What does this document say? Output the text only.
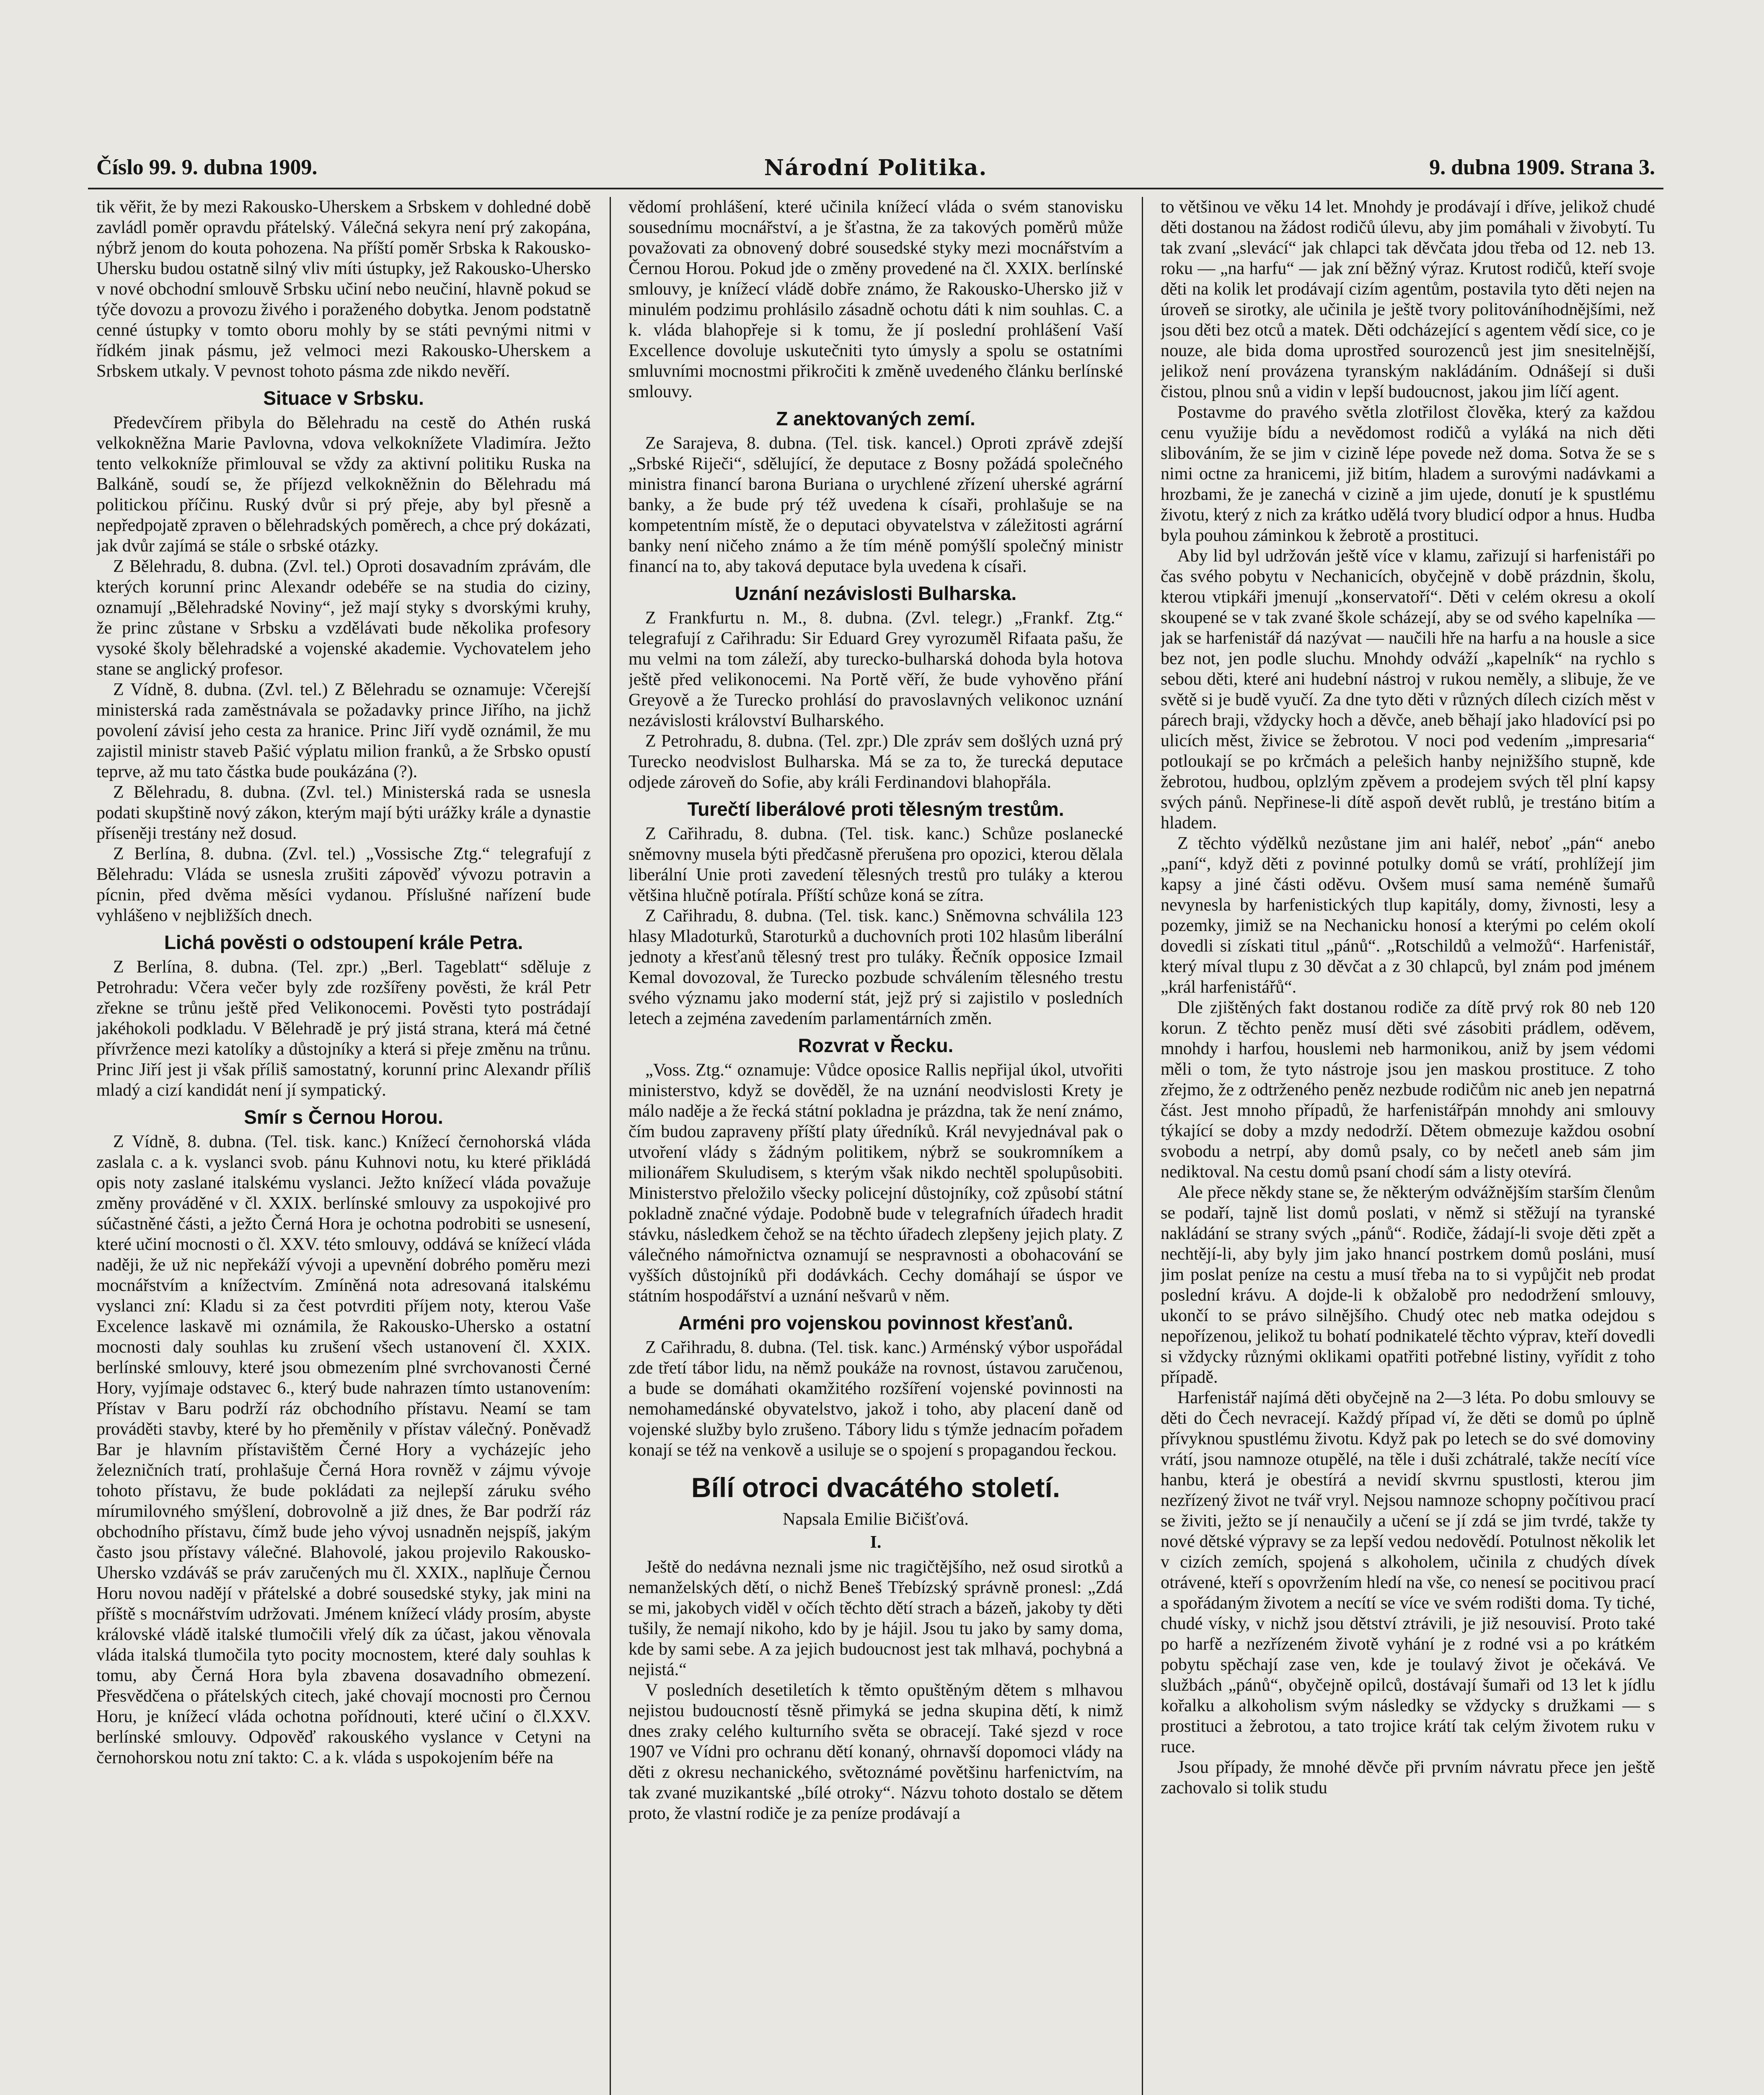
Číslo 99. 9. dubna 1909.	Národní Politika.	9. dubna 1909. Strana 3.

tik věřit, že by mezi Rakousko-Uherskem a Srbskem v dohledné době zavládl poměr opravdu přátelský. Válečná sekyra není prý zakopána, nýbrž jenom do kouta pohozena. Na příští poměr Srbska k Rakousko-Uhersku budou ostatně silný vliv míti ústupky, jež Rakousko-Uhersko v nové obchodní smlouvě Srbsku učiní nebo neučiní, hlavně pokud se týče dovozu a provozu živého i poraženého dobytka. Jenom podstatně cenné ústupky v tomto oboru mohly by se státi pevnými nitmi v řídkém jinak pásmu, jež velmoci mezi Rakousko-Uherskem a Srbskem utkaly. V pevnost tohoto pásma zde nikdo nevěří.

Situace v Srbsku.

Předevčírem přibyla do Bělehradu na cestě do Athén ruská velkokněžna Marie Pavlovna, vdova velkoknížete Vladimíra. Ježto tento velkokníže přimlouval se vždy za aktivní politiku Ruska na Balkáně, soudí se, že příjezd velkokněžnin do Bělehradu má politickou příčinu. Ruský dvůr si prý přeje, aby byl přesně a nepředpojatě zpraven o bělehradských poměrech, a chce prý dokázati, jak dvůr zajímá se stále o srbské otázky.

Z Bělehradu, 8. dubna. (Zvl. tel.) Oproti dosavadním zprávám, dle kterých korunní princ Alexandr odebéře se na studia do ciziny, oznamují „Bělehradské Noviny“, jež mají styky s dvorskými kruhy, že princ zůstane v Srbsku a vzdělávati bude několika profesory vysoké školy bělehradské a vojenské akademie. Vychovatelem jeho stane se anglický profesor.

Z Vídně, 8. dubna. (Zvl. tel.) Z Bělehradu se oznamuje: Včerejší ministerská rada zaměstnávala se požadavky prince Jiřího, na jichž povolení závisí jeho cesta za hranice. Princ Jiří vydě oznámil, že mu zajistil ministr staveb Pašić výplatu milion franků, a že Srbsko opustí teprve, až mu tato částka bude poukázána (?).

Z Bělehradu, 8. dubna. (Zvl. tel.) Ministerská rada se usnesla podati skupštině nový zákon, kterým mají býti urážky krále a dynastie příseněji trestány než dosud.

Z Berlína, 8. dubna. (Zvl. tel.) „Vossische Ztg.“ telegrafují z Bělehradu: Vláda se usnesla zrušiti zápověď vývozu potravin a pícnin, před dvěma měsíci vydanou. Příslušné nařízení bude vyhlášeno v nejbližších dnech.

Lichá pověsti o odstoupení krále Petra.

Z Berlína, 8. dubna. (Tel. zpr.) „Berl. Tageblatt“ sděluje z Petrohradu: Včera večer byly zde rozšířeny pověsti, že král Petr zřekne se trůnu ještě před Velikonocemi. Pověsti tyto postrádají jakéhokoli podkladu. V Bělehradě je prý jistá strana, která má četné přívržence mezi katolíky a důstojníky a která si přeje změnu na trůnu. Princ Jiří jest ji však příliš samostatný, korunní princ Alexandr příliš mladý a cizí kandidát není jí sympatický.

Smír s Černou Horou.

Z Vídně, 8. dubna. (Tel. tisk. kanc.) Knížecí černohorská vláda zaslala c. a k. vyslanci svob. pánu Kuhnovi notu, ku které přikládá opis noty zaslané italskému vyslanci. Ježto knížecí vláda považuje změny prováděné v čl. XXIX. berlínské smlouvy za uspokojivé pro súčastněné části, a ježto Černá Hora je ochotna podrobiti se usnesení, které učiní mocnosti o čl. XXV. této smlouvy, oddává se knížecí vláda naději, že už nic nepřekáží vývoji a upevnění dobrého poměru mezi mocnářstvím a knížectvím. Zmíněná nota adresovaná italskému vyslanci zní: Kladu si za čest potvrditi příjem noty, kterou Vaše Excelence laskavě mi oznámila, že Rakousko-Uhersko a ostatní mocnosti daly souhlas ku zrušení všech ustanovení čl. XXIX. berlínské smlouvy, které jsou obmezením plné svrchovanosti Černé Hory, vyjímaje odstavec 6., který bude nahrazen tímto ustanovením: Přístav v Baru podrží ráz obchodního přístavu. Neamí se tam prováděti stavby, které by ho přeměnily v přístav válečný. Poněvadž Bar je hlavním přístavištěm Černé Hory a vycházejíc jeho železničních tratí, prohlašuje Černá Hora rovněž v zájmu vývoje tohoto přístavu, že bude pokládati za nejlepší záruku svého mírumilovného smýšlení, dobrovolně a již dnes, že Bar podrží ráz obchodního přístavu, čímž bude jeho vývoj usnadněn nejspíš, jakým často jsou přístavy válečné. Blahovolé, jakou projevilo Rakousko-Uhersko vzdáváš se práv zaručených mu čl. XXIX., naplňuje Černou Horu novou nadějí v přátelské a dobré sousedské styky, jak mini na příště s mocnářstvím udržovati. Jménem knížecí vlády prosím, abyste královské vládě italské tlumočili vřelý dík za účast, jakou věnovala vláda italská tlumočila tyto pocity mocnostem, které daly souhlas k tomu, aby Černá Hora byla zbavena dosavadního obmezení. Přesvědčena o přátelských citech, jaké chovají mocnosti pro Černou Horu, je knížecí vláda ochotna pořídnouti, které učiní o čl.XXV. berlínské smlouvy. Odpověď rakouského vyslance v Cetyni na černohorskou notu zní takto: C. a k. vláda s uspokojením béře na

vědomí prohlášení, které učinila knížecí vláda o svém stanovisku sousednímu mocnářství, a je šťastna, že za takových poměrů může považovati za obnovený dobré sousedské styky mezi mocnářstvím a Černou Horou. Pokud jde o změny provedené na čl. XXIX. berlínské smlouvy, je knížecí vládě dobře známo, že Rakousko-Uhersko již v minulém podzimu prohlásilo zásadně ochotu dáti k nim souhlas. C. a k. vláda blahopřeje si k tomu, že jí poslední prohlášení Vaší Excellence dovoluje uskutečniti tyto úmysly a spolu se ostatními smluvními mocnostmi přikročiti k změně uvedeného článku berlínské smlouvy.

Z anektovaných zemí.

Ze Sarajeva, 8. dubna. (Tel. tisk. kancel.) Oproti zprávě zdejší „Srbské Riječi“, sdělující, že deputace z Bosny požádá společného ministra financí barona Buriana o urychlené zřízení uherské agrární banky, a že bude prý též uvedena k císaři, prohlašuje se na kompetentním místě, že o deputaci obyvatelstva v záležitosti agrární banky není ničeho známo a že tím méně pomýšlí společný ministr financí na to, aby taková deputace byla uvedena k císaři.

Uznání nezávislosti Bulharska.

Z Frankfurtu n. M., 8. dubna. (Zvl. telegr.) „Frankf. Ztg.“ telegrafují z Cařihradu: Sir Eduard Grey vyrozuměl Rifaata pašu, že mu velmi na tom záleží, aby turecko-bulharská dohoda byla hotova ještě před velikonocemi. Na Portě věří, že bude vyhověno přání Greyově a že Turecko prohlásí do pravoslavných velikonoc uznání nezávislosti království Bulharského.

Z Petrohradu, 8. dubna. (Tel. zpr.) Dle zpráv sem došlých uzná prý Turecko neodvislost Bulharska. Má se za to, že turecká deputace odjede zároveň do Sofie, aby králi Ferdinandovi blahopřála.

Turečtí liberálové proti tělesným trestům.

Z Cařihradu, 8. dubna. (Tel. tisk. kanc.) Schůze poslanecké sněmovny musela býti předčasně přerušena pro opozici, kterou dělala liberální Unie proti zavedení tělesných trestů pro tuláky a kterou většina hlučně potírala. Příští schůze koná se zítra.

Z Cařihradu, 8. dubna. (Tel. tisk. kanc.) Sněmovna schválila 123 hlasy Mladoturků, Staroturků a duchovních proti 102 hlasům liberální jednoty a křesťanů tělesný trest pro tuláky. Řečník opposice Izmail Kemal dovozoval, že Turecko pozbude schválením tělesného trestu svého významu jako moderní stát, jejž prý si zajistilo v posledních letech a zejména zavedením parlamentárních změn.

Rozvrat v Řecku.

„Voss. Ztg.“ oznamuje: Vůdce oposice Rallis nepřijal úkol, utvořiti ministerstvo, když se dověděl, že na uznání neodvislosti Krety je málo naděje a že řecká státní pokladna je prázdna, tak že není známo, čím budou zapraveny příští platy úředníků. Král nevyjednával pak o utvoření vlády s žádným politikem, nýbrž se soukromníkem a milionářem Skuludisem, s kterým však nikdo nechtěl spolupůsobiti. Ministerstvo přeložilo všecky policejní důstojníky, což způsobí státní pokladně značné výdaje. Podobně bude v telegrafních úřadech hradit stávku, následkem čehož se na těchto úřadech zlepšeny jejich platy. Z válečného námořnictva oznamují se nespravnosti a obohacování se vyšších důstojníků při dodávkách. Cechy domáhají se úspor ve státním hospodářství a uznání nešvarů v něm.

Arméni pro vojenskou povinnost křesťanů.

Z Cařihradu, 8. dubna. (Tel. tisk. kanc.) Arménský výbor uspořádal zde třetí tábor lidu, na němž poukáže na rovnost, ústavou zaručenou, a bude se domáhati okamžitého rozšíření vojenské povinnosti na nemohamedánské obyvatelstvo, jakož i toho, aby placení daně od vojenské služby bylo zrušeno. Tábory lidu s týmže jednacím pořadem konají se též na venkově a usiluje se o spojení s propagandou řeckou.

Bílí otroci dvacátého století.

Napsala Emilie Bičišťová.

I.

Ještě do nedávna neznali jsme nic tragičtějšího, než osud sirotků a nemanželských dětí, o nichž Beneš Třebízský správně pronesl: „Zdá se mi, jakobych viděl v očích těchto dětí strach a bázeň, jakoby ty děti tušily, že nemají nikoho, kdo by je hájil. Jsou tu jako by samy doma, kde by sami sebe. A za jejich budoucnost jest tak mlhavá, pochybná a nejistá.“

V posledních desetiletích k těmto opuštěným dětem s mlhavou nejistou budoucností těsně přimyká se jedna skupina dětí, k nimž dnes zraky celého kulturního světa se obracejí. Také sjezd v roce 1907 ve Vídni pro ochranu dětí konaný, ohrnavší dopomoci vlády na děti z okresu nechanického, světoznámé povětšinu harfenictvím, na tak zvané muzikantské „bílé otroky“. Názvu tohoto dostalo se dětem proto, že vlastní rodiče je za peníze prodávají a

to většinou ve věku 14 let. Mnohdy je prodávají i dříve, jelikož chudé děti dostanou na žádost rodičů úlevu, aby jim pomáhali v živobytí. Tu tak zvaní „slevácí“ jak chlapci tak děvčata jdou třeba od 12. neb 13. roku — „na harfu“ — jak zní běžný výraz. Krutost rodičů, kteří svoje děti na kolik let prodávají cizím agentům, postavila tyto děti nejen na úroveň se sirotky, ale učinila je ještě tvory politováníhodnějšími, než jsou děti bez otců a matek. Děti odcházející s agentem vědí sice, co je nouze, ale bida doma uprostřed sourozenců jest jim snesitelnější, jelikož není provázena tyranským nakládáním. Odnášejí si duši čistou, plnou snů a vidin v lepší budoucnost, jakou jim líčí agent.

Postavme do pravého světla zlotřilost člověka, který za každou cenu využije bídu a nevědomost rodičů a vyláká na nich děti slibováním, že se jim v cizině lépe povede než doma. Sotva že se s nimi octne za hranicemi, již bitím, hladem a surovými nadávkami a hrozbami, že je zanechá v cizině a jim ujede, donutí je k spustlému životu, který z nich za krátko udělá tvory bludicí odpor a hnus. Hudba byla pouhou záminkou k žebrotě a prostituci.

Aby lid byl udržován ještě více v klamu, zařizují si harfenistáři po čas svého pobytu v Nechanicích, obyčejně v době prázdnin, školu, kterou vtipkáři jmenují „konservatoří“. Děti v celém okresu a okolí skoupené se v tak zvané škole scházejí, aby se od svého kapelníka — jak se harfenistář dá nazývat — naučili hře na harfu a na housle a sice bez not, jen podle sluchu. Mnohdy odváží „kapelník“ na rychlo s sebou děti, které ani hudební nástroj v rukou neměly, a slibuje, že ve světě si je budě vyučí. Za dne tyto děti v různých dílech cizích měst v párech braji, vždycky hoch a děvče, aneb běhají jako hladovící psi po ulicích měst, živice se žebrotou. V noci pod vedením „impresaria“ potloukají se po krčmách a pelešich hanby nejnižšího stupně, kde žebrotou, hudbou, oplzlým zpěvem a prodejem svých těl plní kapsy svých pánů. Nepřinese-li dítě aspoň devět rublů, je trestáno bitím a hladem.

Z těchto výdělků nezůstane jim ani haléř, neboť „pán“ anebo „paní“, když děti z povinné potulky domů se vrátí, prohlížejí jim kapsy a jiné části oděvu. Ovšem musí sama neméně šumařů nevynesla by harfenistických tlup kapitály, domy, živnosti, lesy a pozemky, jimiž se na Nechanicku honosí a kterými po celém okolí dovedli si získati titul „pánů“. „Rotschildů a velmožů“. Harfenistář, který míval tlupu z 30 děvčat a z 30 chlapců, byl znám pod jménem „král harfenistářů“.

Dle zjištěných fakt dostanou rodiče za dítě prvý rok 80 neb 120 korun. Z těchto peněz musí děti své zásobiti prádlem, oděvem, mnohdy i harfou, houslemi neb harmonikou, aniž by jsem védomi měli o tom, že tyto nástroje jsou jen maskou prostituce. Z toho zřejmo, že z odtrženého peněz nezbude rodičům nic aneb jen nepatrná část. Jest mnoho případů, že harfenistářpán mnohdy ani smlouvy týkající se doby a mzdy nedodrží. Dětem obmezuje každou osobní svobodu a netrpí, aby domů psaly, co by nečetl aneb sám jim nediktoval. Na cestu domů psaní chodí sám a listy otevírá.

Ale přece někdy stane se, že některým odvážnějším starším členům se podaří, tajně list domů poslati, v němž si stěžují na tyranské nakládání se strany svých „pánů“. Rodiče, žádají-li svoje děti zpět a nechtějí-li, aby byly jim jako hnancí postrkem domů posláni, musí jim poslat peníze na cestu a musí třeba na to si vypůjčit neb prodat poslední krávu. A dojde-li k obžalobě pro nedodržení smlouvy, ukončí to se právo silnějšího. Chudý otec neb matka odejdou s nepořízenou, jelikož tu bohatí podnikatelé těchto výprav, kteří dovedli si vždycky různými oklikami opatřiti potřebné listiny, vyřídit z toho případě.

Harfenistář najímá děti obyčejně na 2—3 léta. Po dobu smlouvy se děti do Čech nevracejí. Každý případ ví, že děti se domů po úplně přívyknou spustlému životu. Když pak po letech se do své domoviny vrátí, jsou namnoze otupělé, na těle i duši zchátralé, takže necítí více hanbu, která je obestírá a nevidí skvrnu spustlosti, kterou jim nezřízený život ne tvář vryl. Nejsou namnoze schopny počítivou prací se živiti, ježto se jí nenaučily a učení se jí zdá se jim tvrdé, takže ty nové dětské výpravy se za lepší vedou nedovědí. Potulnost několik let v cizích zemích, spojená s alkoholem, učinila z chudých dívek otrávené, kteří s opovržením hledí na vše, co nenesí se pocitivou prací a spořádaným životem a necítí se více ve svém rodišti doma. Ty tiché, chudé vísky, v nichž jsou dětství ztrávili, je již nesouvisí. Proto také po harfě a nezřízeném životě vyhání je z rodné vsi a po krátkém pobytu spěchají zase ven, kde je toulavý život je očekává. Ve službách „pánů“, obyčejně opilců, dostávají šumaři od 13 let k jídlu kořalku a alkoholism svým následky se vždycky s družkami — s prostituci a žebrotou, a tato trojice krátí tak celým životem ruku v ruce.

Jsou případy, že mnohé děvče při prvním návratu přece jen ještě zachovalo si tolik studu
